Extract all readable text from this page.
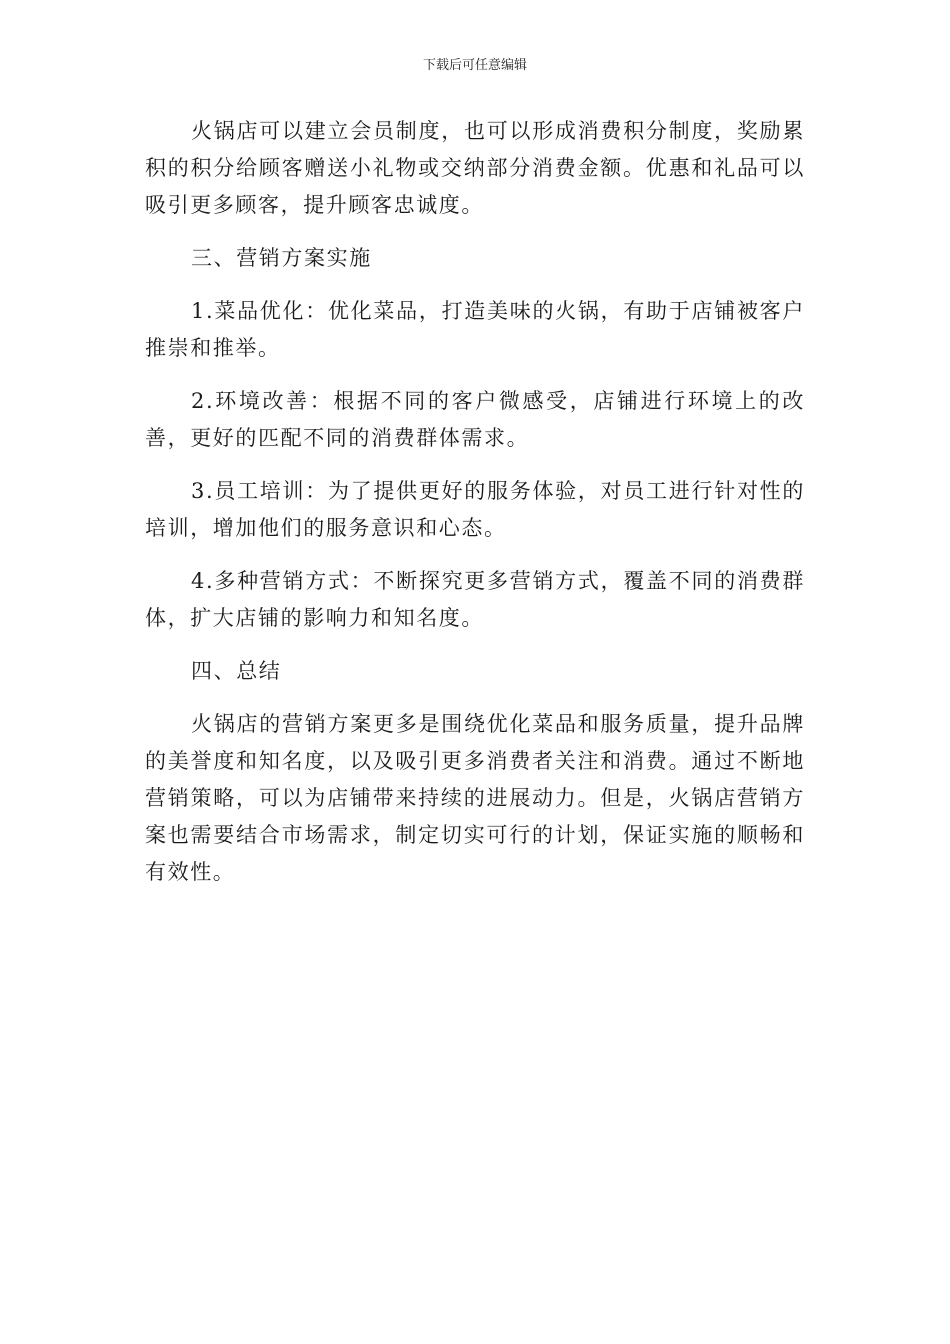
下载后可任意编辑

火锅店可以建立会员制度，也可以形成消费积分制度，奖励累积的积分给顾客赠送小礼物或交纳部分消费金额。优惠和礼品可以吸引更多顾客，提升顾客忠诚度。

三、营销方案实施

1.菜品优化：优化菜品，打造美味的火锅，有助于店铺被客户推崇和推举。

2.环境改善：根据不同的客户微感受，店铺进行环境上的改善，更好的匹配不同的消费群体需求。

3.员工培训：为了提供更好的服务体验，对员工进行针对性的培训，增加他们的服务意识和心态。

4.多种营销方式：不断探究更多营销方式，覆盖不同的消费群体，扩大店铺的影响力和知名度。

四、总结

火锅店的营销方案更多是围绕优化菜品和服务质量，提升品牌的美誉度和知名度，以及吸引更多消费者关注和消费。通过不断地营销策略，可以为店铺带来持续的进展动力。但是，火锅店营销方案也需要结合市场需求，制定切实可行的计划，保证实施的顺畅和有效性。
